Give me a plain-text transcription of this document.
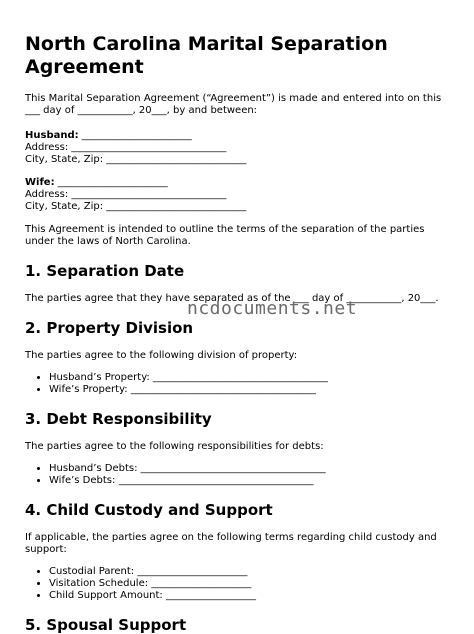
North Carolina Marital Separation Agreement

This Marital Separation Agreement (“Agreement”) is made and entered into on this ___ day of ___________, 20___, by and between:

Husband: ______________________
Address: _______________________________
City, State, Zip: ____________________________
Wife: ______________________
Address: _______________________________
City, State, Zip: ____________________________

This Agreement is intended to outline the terms of the separation of the parties under the laws of North Carolina.

1. Separation Date

The parties agree that they have separated as of the ___ day of ___________, 20___.

2. Property Division

The parties agree to the following division of property:

• Husband’s Property: ___________________________________
• Wife’s Property: _____________________________________
3. Debt Responsibility

The parties agree to the following responsibilities for debts:

• Husband’s Debts: _____________________________________
• Wife’s Debts: _______________________________________
4. Child Custody and Support

If applicable, the parties agree on the following terms regarding child custody and support:

• Custodial Parent: ______________________
• Visitation Schedule: ____________________
• Child Support Amount: __________________
5. Spousal Support
ncdocuments.net
